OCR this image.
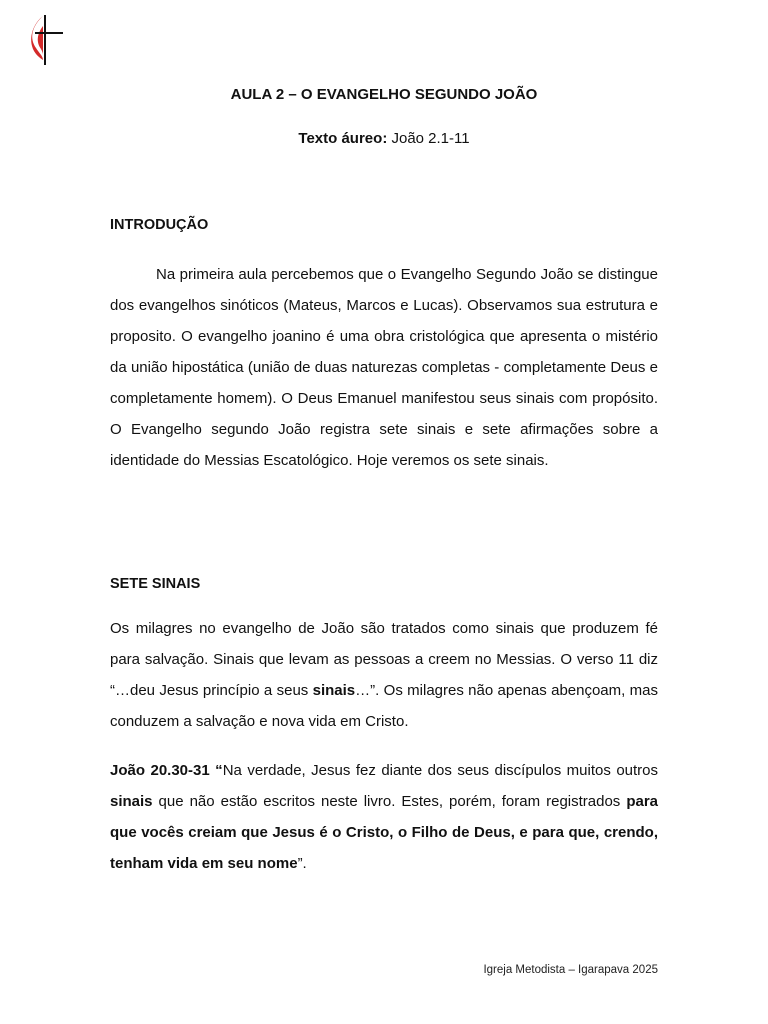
AULA 2 – O EVANGELHO SEGUNDO JOÃO
Texto áureo: João 2.1-11
INTRODUÇÃO

Na primeira aula percebemos que o Evangelho Segundo João se distingue dos evangelhos sinóticos (Mateus, Marcos e Lucas). Observamos sua estrutura e proposito. O evangelho joanino é uma obra cristológica que apresenta o mistério da união hipostática (união de duas naturezas completas - completamente Deus e completamente homem). O Deus Emanuel manifestou seus sinais com propósito. O Evangelho segundo João registra sete sinais e sete afirmações sobre a identidade do Messias Escatológico. Hoje veremos os sete sinais.

SETE SINAIS

Os milagres no evangelho de João são tratados como sinais que produzem fé para salvação. Sinais que levam as pessoas a creem no Messias. O verso 11 diz “…deu Jesus princípio a seus sinais…”. Os milagres não apenas abençoam, mas conduzem a salvação e nova vida em Cristo.

João 20.30-31 “Na verdade, Jesus fez diante dos seus discípulos muitos outros sinais que não estão escritos neste livro. Estes, porém, foram registrados para que vocês creiam que Jesus é o Cristo, o Filho de Deus, e para que, crendo, tenham vida em seu nome”.

Igreja Metodista – Igarapava 2025
